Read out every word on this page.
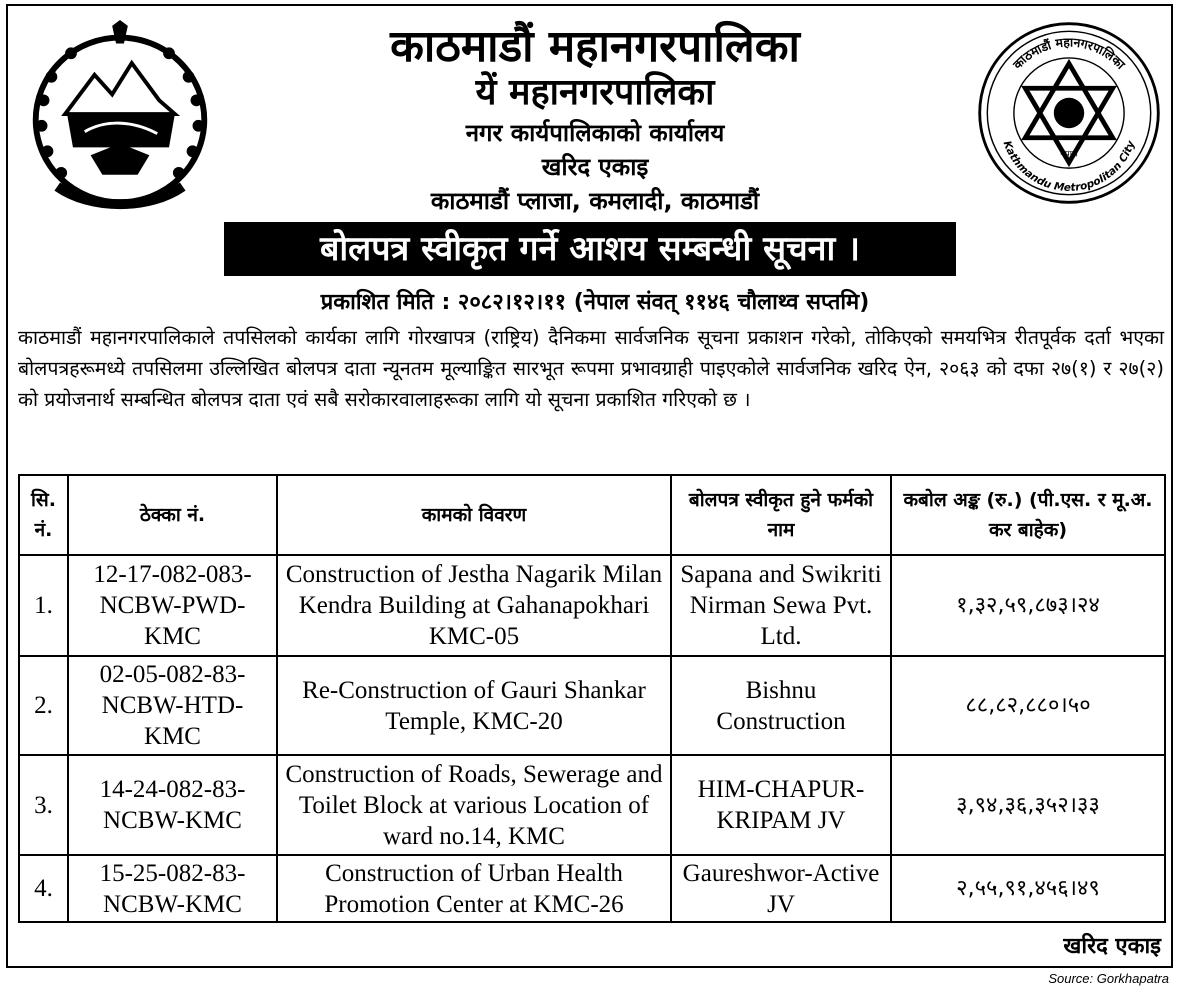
काठमाडौं महानगरपालिका
यें महानगरपालिका
नगर कार्यपालिकाको कार्यालय
खरिद एकाइ
काठमाडौं प्लाजा, कमलादी, काठमाडौं
काठमाडौं महानगरपालिका
Kathmandu Metropolitan City
नेपाल
बोलपत्र स्वीकृत गर्ने आशय सम्बन्धी सूचना ।
प्रकाशित मिति : २०८२।१२।११ (नेपाल संवत् ११४६ चौलाथ्व सप्तमि)
काठमाडौं महानगरपालिकाले तपसिलको कार्यका लागि गोरखापत्र (राष्ट्रिय) दैनिकमा सार्वजनिक सूचना प्रकाशन गरेको, तोकिएको समयभित्र रीतपूर्वक दर्ता भएका बोलपत्रहरूमध्ये तपसिलमा उल्लिखित बोलपत्र दाता न्यूनतम मूल्याङ्कित सारभूत रूपमा प्रभावग्राही पाइएकोले सार्वजनिक खरिद ऐन, २०६३ को दफा २७(१) र २७(२) को प्रयोजनार्थ सम्बन्धित बोलपत्र दाता एवं सबै सरोकारवालाहरूका लागि यो सूचना प्रकाशित गरिएको छ ।
सि. नं.	ठेक्का नं.	कामको विवरण	बोलपत्र स्वीकृत हुने फर्मको नाम	कबोल अङ्क (रु.) (पी.एस. र मू.अ. कर बाहेक)
1.	12-17-082-083-NCBW-PWD-KMC	Construction of Jestha Nagarik Milan Kendra Building at Gahanapokhari KMC-05	Sapana and Swikriti Nirman Sewa Pvt. Ltd.	१,३२,५९,८७३।२४
2.	02-05-082-83-NCBW-HTD-KMC	Re-Construction of Gauri Shankar Temple, KMC-20	Bishnu Construction	८८,८२,८८०।५०
3.	14-24-082-83-NCBW-KMC	Construction of Roads, Sewerage and Toilet Block at various Location of ward no.14, KMC	HIM-CHAPUR-KRIPAM JV	३,९४,३६,३५२।३३
4.	15-25-082-83-NCBW-KMC	Construction of Urban Health Promotion Center at KMC-26	Gaureshwor-Active JV	२,५५,९१,४५६।४९
खरिद एकाइ
Source: Gorkhapatra
